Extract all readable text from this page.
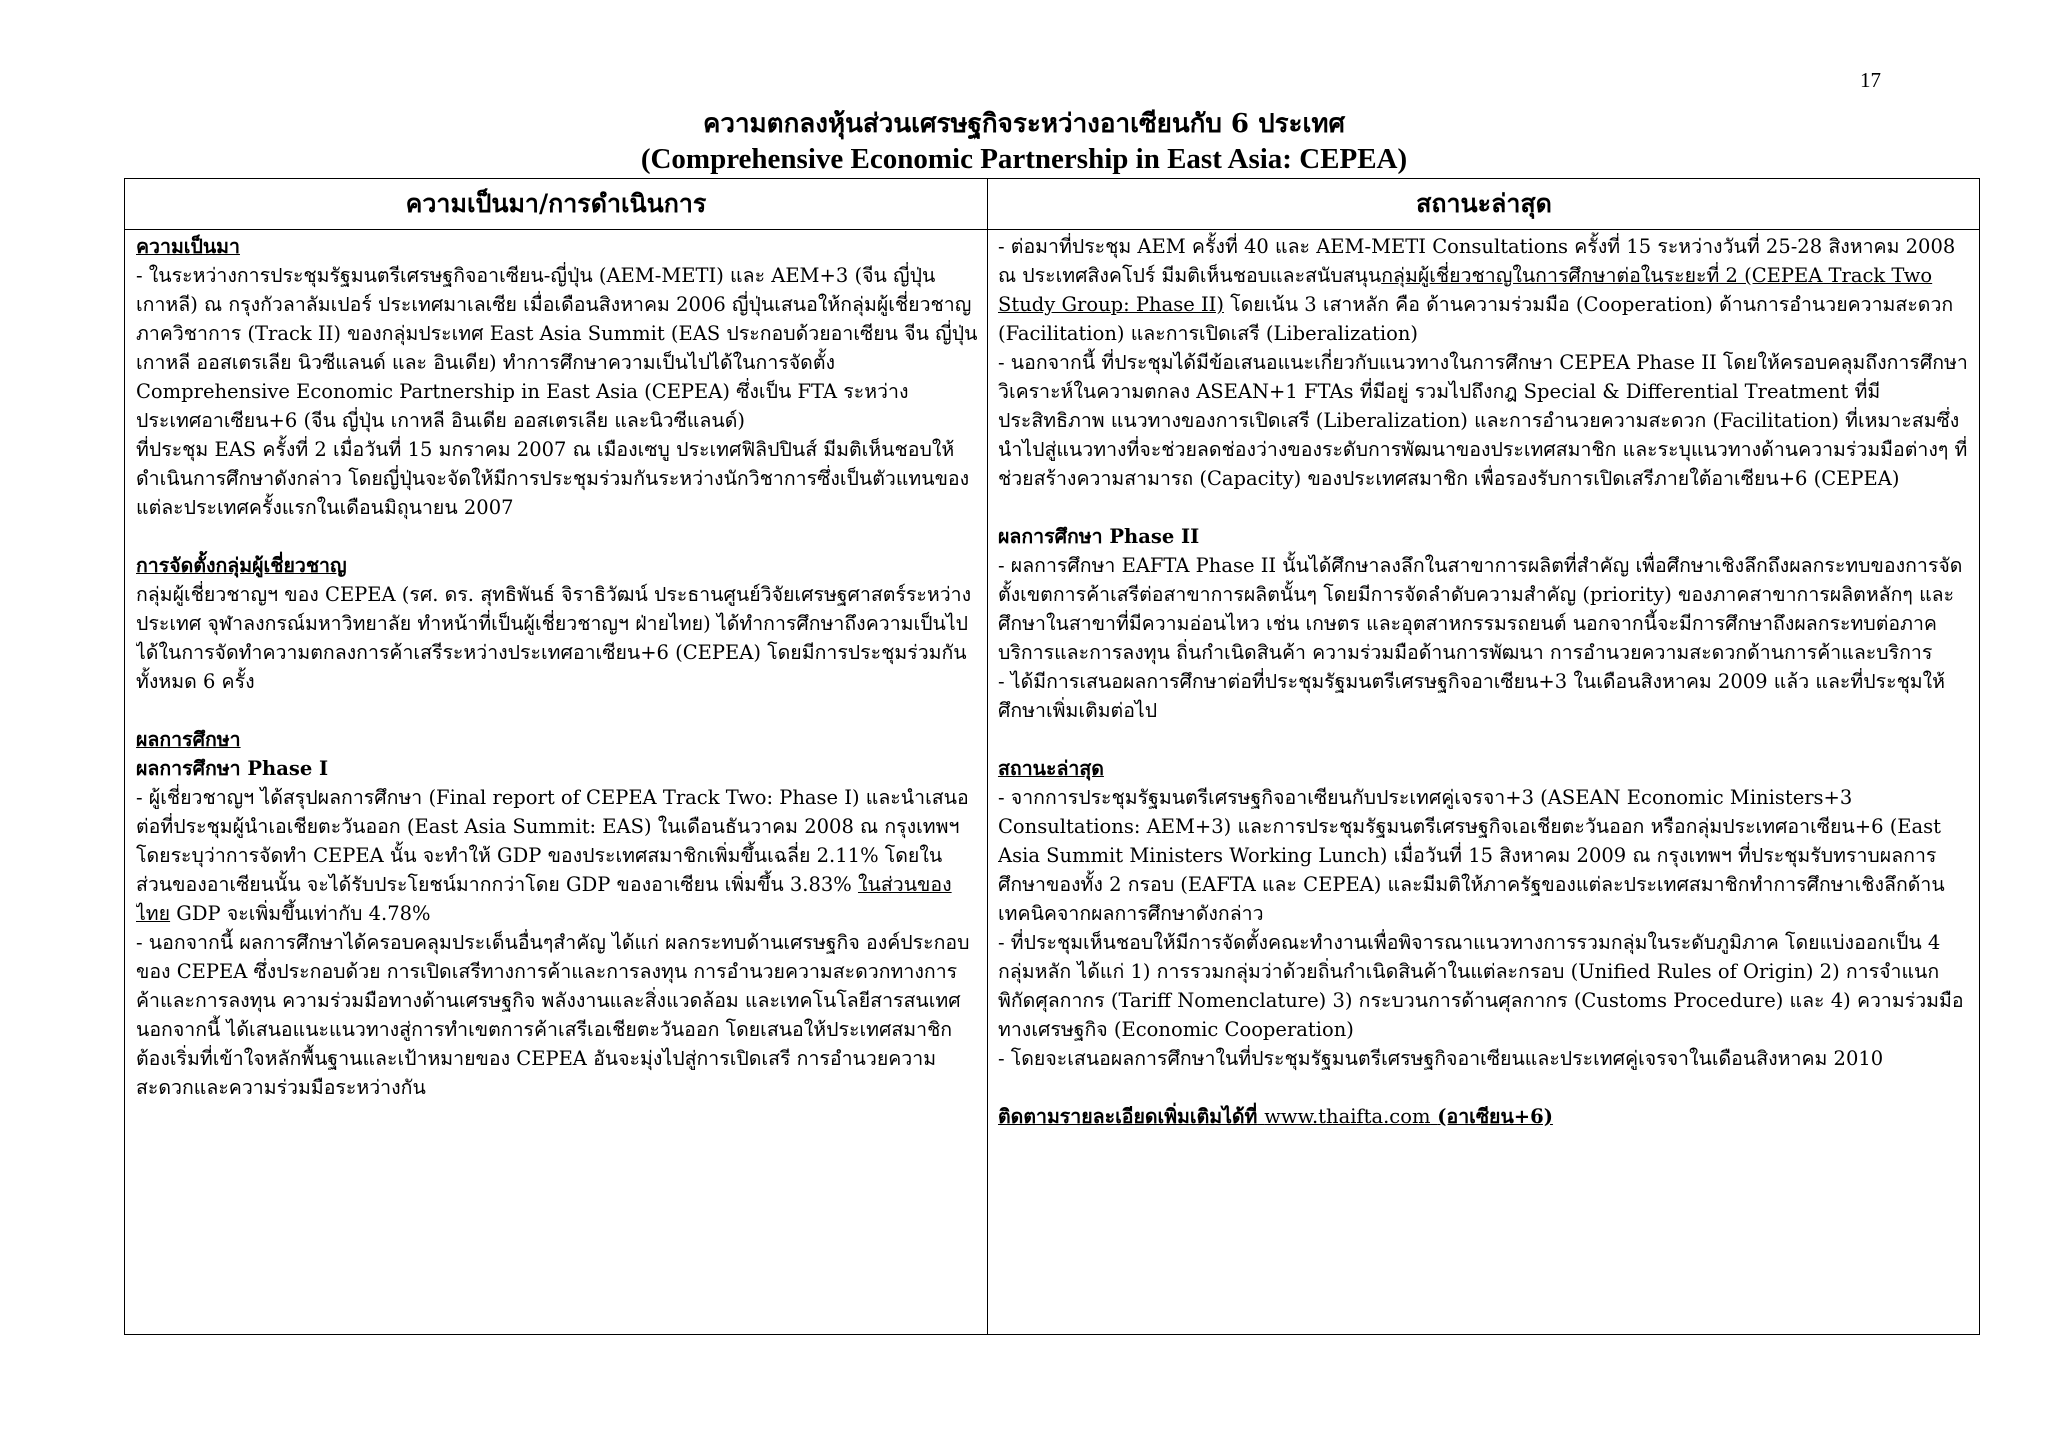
17
ความตกลงหุ้นส่วนเศรษฐกิจระหว่างอาเซียนกับ 6 ประเทศ
(Comprehensive Economic Partnership in East Asia: CEPEA)
ความเป็นมา/การดำเนินการ	สถานะล่าสุด

ความเป็นมา

- ในระหว่างการประชุมรัฐมนตรีเศรษฐกิจอาเซียน-ญี่ปุ่น (AEM-METI) และ AEM+3 (จีน ญี่ปุ่น เกาหลี) ณ กรุงกัวลาลัมเปอร์ ประเทศมาเลเซีย เมื่อเดือนสิงหาคม 2006 ญี่ปุ่นเสนอให้กลุ่มผู้เชี่ยวชาญภาควิชาการ (Track II) ของกลุ่มประเทศ East Asia Summit (EAS ประกอบด้วยอาเซียน จีน ญี่ปุ่น เกาหลี ออสเตรเลีย นิวซีแลนด์ และ อินเดีย) ทำการศึกษาความเป็นไปได้ในการจัดตั้ง Comprehensive Economic Partnership in East Asia (CEPEA) ซึ่งเป็น FTA ระหว่าง ประเทศอาเซียน+6 (จีน ญี่ปุ่น เกาหลี อินเดีย ออสเตรเลีย และนิวซีแลนด์)

ที่ประชุม EAS ครั้งที่ 2 เมื่อวันที่ 15 มกราคม 2007 ณ เมืองเซบู ประเทศฟิลิปปินส์ มีมติเห็นชอบให้ดำเนินการศึกษาดังกล่าว โดยญี่ปุ่นจะจัดให้มีการประชุมร่วมกันระหว่างนักวิชาการซึ่งเป็นตัวแทนของแต่ละประเทศครั้งแรกในเดือนมิถุนายน 2007

การจัดตั้งกลุ่มผู้เชี่ยวชาญ

กลุ่มผู้เชี่ยวชาญฯ ของ CEPEA (รศ. ดร. สุทธิพันธ์ จิราธิวัฒน์ ประธานศูนย์วิจัยเศรษฐศาสตร์ระหว่างประเทศ จุฬาลงกรณ์มหาวิทยาลัย ทำหน้าที่เป็นผู้เชี่ยวชาญฯ ฝ่ายไทย) ได้ทำการศึกษาถึงความเป็นไปได้ในการจัดทำความตกลงการค้าเสรีระหว่างประเทศอาเซียน+6 (CEPEA) โดยมีการประชุมร่วมกันทั้งหมด 6 ครั้ง

ผลการศึกษา

ผลการศึกษา Phase I

- ผู้เชี่ยวชาญฯ ได้สรุปผลการศึกษา (Final report of CEPEA Track Two: Phase I) และนำเสนอต่อที่ประชุมผู้นำเอเชียตะวันออก (East Asia Summit: EAS) ในเดือนธันวาคม 2008 ณ กรุงเทพฯ โดยระบุว่าการจัดทำ CEPEA นั้น จะทำให้ GDP ของประเทศสมาชิกเพิ่มขึ้นเฉลี่ย 2.11% โดยในส่วนของอาเซียนนั้น จะได้รับประโยชน์มากกว่าโดย GDP ของอาเซียน เพิ่มขึ้น 3.83% ในส่วนของไทย GDP จะเพิ่มขึ้นเท่ากับ 4.78%

- นอกจากนี้ ผลการศึกษาได้ครอบคลุมประเด็นอื่นๆสำคัญ ได้แก่ ผลกระทบด้านเศรษฐกิจ องค์ประกอบของ CEPEA ซึ่งประกอบด้วย การเปิดเสรีทางการค้าและการลงทุน การอำนวยความสะดวกทางการค้าและการลงทุน ความร่วมมือทางด้านเศรษฐกิจ พลังงานและสิ่งแวดล้อม และเทคโนโลยีสารสนเทศ นอกจากนี้ ได้เสนอแนะแนวทางสู่การทำเขตการค้าเสรีเอเชียตะวันออก โดยเสนอให้ประเทศสมาชิกต้องเริ่มที่เข้าใจหลักพื้นฐานและเป้าหมายของ CEPEA อันจะมุ่งไปสู่การเปิดเสรี การอำนวยความสะดวกและความร่วมมือระหว่างกัน

- ต่อมาที่ประชุม AEM ครั้งที่ 40 และ AEM-METI Consultations ครั้งที่ 15 ระหว่างวันที่ 25-28 สิงหาคม 2008 ณ ประเทศสิงคโปร์ มีมติเห็นชอบและสนับสนุนกลุ่มผู้เชี่ยวชาญในการศึกษาต่อในระยะที่ 2 (CEPEA Track Two Study Group: Phase II) โดยเน้น 3 เสาหลัก คือ ด้านความร่วมมือ (Cooperation) ด้านการอำนวยความสะดวก (Facilitation) และการเปิดเสรี (Liberalization)

- นอกจากนี้ ที่ประชุมได้มีข้อเสนอแนะเกี่ยวกับแนวทางในการศึกษา CEPEA Phase II โดยให้ครอบคลุมถึงการศึกษาวิเคราะห์ในความตกลง ASEAN+1 FTAs ที่มีอยู่ รวมไปถึงกฎ Special & Differential Treatment ที่มีประสิทธิภาพ แนวทางของการเปิดเสรี (Liberalization) และการอำนวยความสะดวก (Facilitation) ที่เหมาะสมซึ่งนำไปสู่แนวทางที่จะช่วยลดช่องว่างของระดับการพัฒนาของประเทศสมาชิก และระบุแนวทางด้านความร่วมมือต่างๆ ที่ช่วยสร้างความสามารถ (Capacity) ของประเทศสมาชิก เพื่อรองรับการเปิดเสรีภายใต้อาเซียน+6 (CEPEA)

ผลการศึกษา Phase II

- ผลการศึกษา EAFTA Phase II นั้นได้ศึกษาลงลึกในสาขาการผลิตที่สำคัญ เพื่อศึกษาเชิงลึกถึงผลกระทบของการจัดตั้งเขตการค้าเสรีต่อสาขาการผลิตนั้นๆ โดยมีการจัดลำดับความสำคัญ (priority) ของภาคสาขาการผลิตหลักๆ และศึกษาในสาขาที่มีความอ่อนไหว เช่น เกษตร และอุตสาหกรรมรถยนต์ นอกจากนี้จะมีการศึกษาถึงผลกระทบต่อภาคบริการและการลงทุน ถิ่นกำเนิดสินค้า ความร่วมมือด้านการพัฒนา การอำนวยความสะดวกด้านการค้าและบริการ

- ได้มีการเสนอผลการศึกษาต่อที่ประชุมรัฐมนตรีเศรษฐกิจอาเซียน+3 ในเดือนสิงหาคม 2009 แล้ว และที่ประชุมให้ศึกษาเพิ่มเติมต่อไป

สถานะล่าสุด

- จากการประชุมรัฐมนตรีเศรษฐกิจอาเซียนกับประเทศคู่เจรจา+3 (ASEAN Economic Ministers+3 Consultations: AEM+3) และการประชุมรัฐมนตรีเศรษฐกิจเอเชียตะวันออก หรือกลุ่มประเทศอาเซียน+6 (East Asia Summit Ministers Working Lunch) เมื่อวันที่ 15 สิงหาคม 2009 ณ กรุงเทพฯ ที่ประชุมรับทราบผลการศึกษาของทั้ง 2 กรอบ (EAFTA และ CEPEA) และมีมติให้ภาครัฐของแต่ละประเทศสมาชิกทำการศึกษาเชิงลึกด้านเทคนิคจากผลการศึกษาดังกล่าว

- ที่ประชุมเห็นชอบให้มีการจัดตั้งคณะทำงานเพื่อพิจารณาแนวทางการรวมกลุ่มในระดับภูมิภาค โดยแบ่งออกเป็น 4 กลุ่มหลัก ได้แก่ 1) การรวมกลุ่มว่าด้วยถิ่นกำเนิดสินค้าในแต่ละกรอบ (Unified Rules of Origin) 2) การจำแนกพิกัดศุลกากร (Tariff Nomenclature) 3) กระบวนการด้านศุลกากร (Customs Procedure) และ 4) ความร่วมมือทางเศรษฐกิจ (Economic Cooperation)

- โดยจะเสนอผลการศึกษาในที่ประชุมรัฐมนตรีเศรษฐกิจอาเซียนและประเทศคู่เจรจาในเดือนสิงหาคม 2010

ติดตามรายละเอียดเพิ่มเติมได้ที่ www.thaifta.com (อาเซียน+6)
